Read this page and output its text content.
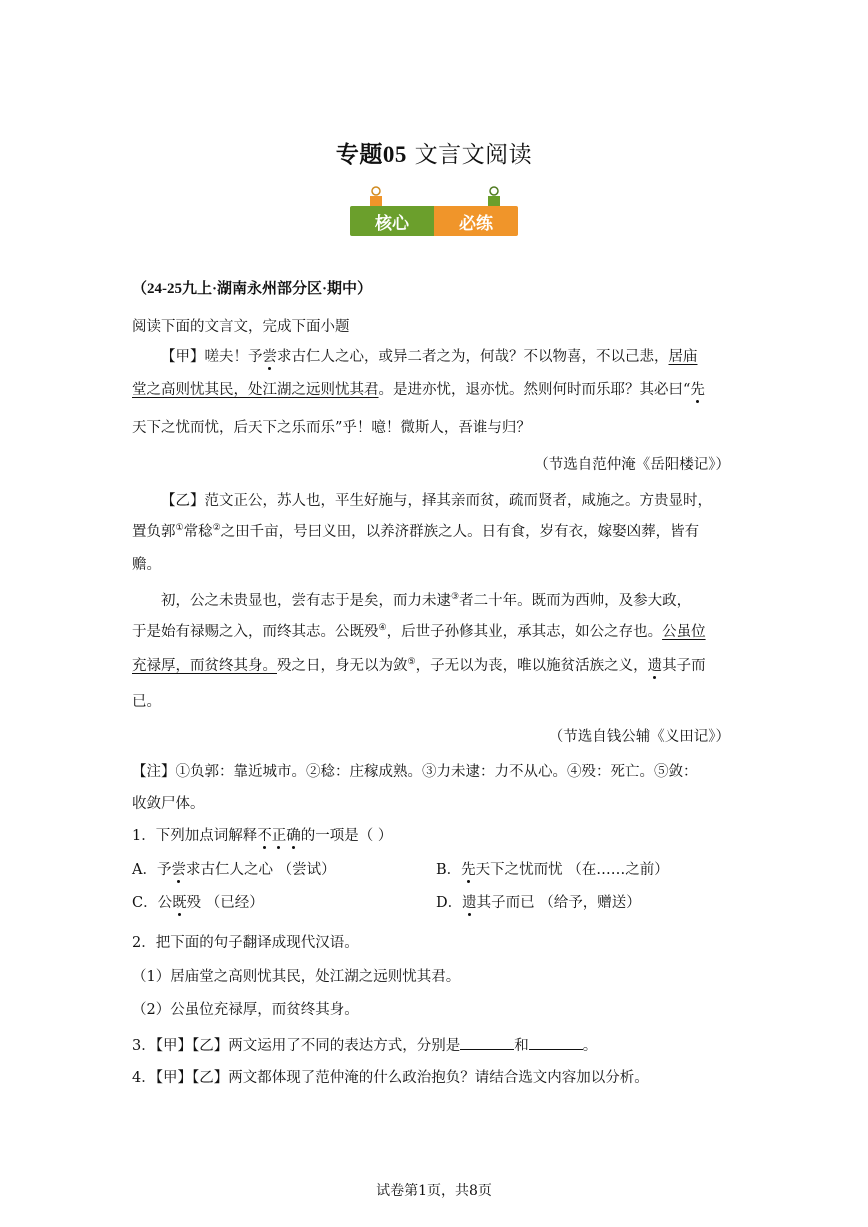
专题05 文言文阅读
核心	必练
（24-25九上·湖南永州部分区·期中）
阅读下面的文言文，完成下面小题
【甲】嗟夫！予尝求古仁人之心，或异二者之为，何哉？不以物喜，不以己悲，居庙
堂之高则忧其民，处江湖之远则忧其君。是进亦忧，退亦忧。然则何时而乐耶？其必曰“先
天下之忧而忧，后天下之乐而乐”乎！噫！微斯人，吾谁与归？
（节选自范仲淹《岳阳楼记》）
【乙】范文正公，苏人也，平生好施与，择其亲而贫，疏而贤者，咸施之。方贵显时，
置负郭①常稔②之田千亩，号曰义田，以养济群族之人。日有食，岁有衣，嫁娶凶葬，皆有
赡。
初，公之未贵显也，尝有志于是矣，而力未逮③者二十年。既而为西帅，及参大政，
于是始有禄赐之入，而终其志。公既殁④，后世子孙修其业，承其志，如公之存也。公虽位
充禄厚，而贫终其身。殁之日，身无以为敛⑤，子无以为丧，唯以施贫活族之义，遗其子而
已。
（节选自钱公辅《义田记》）
【注】①负郭：靠近城市。②稔：庄稼成熟。③力未逮：力不从心。④殁：死亡。⑤敛：
收敛尸体。
1．下列加点词解释不正确的一项是（ ）
A．予尝求古仁人之心 （尝试）	B．先天下之忧而忧 （在……之前）
C．公既殁 （已经）	D．遗其子而已 （给予，赠送）
2．把下面的句子翻译成现代汉语。
（1）居庙堂之高则忧其民，处江湖之远则忧其君。
（2）公虽位充禄厚，而贫终其身。
3．【甲】【乙】两文运用了不同的表达方式，分别是	和	。
4．【甲】【乙】两文都体现了范仲淹的什么政治抱负？请结合选文内容加以分析。
试卷第1页，共8页
